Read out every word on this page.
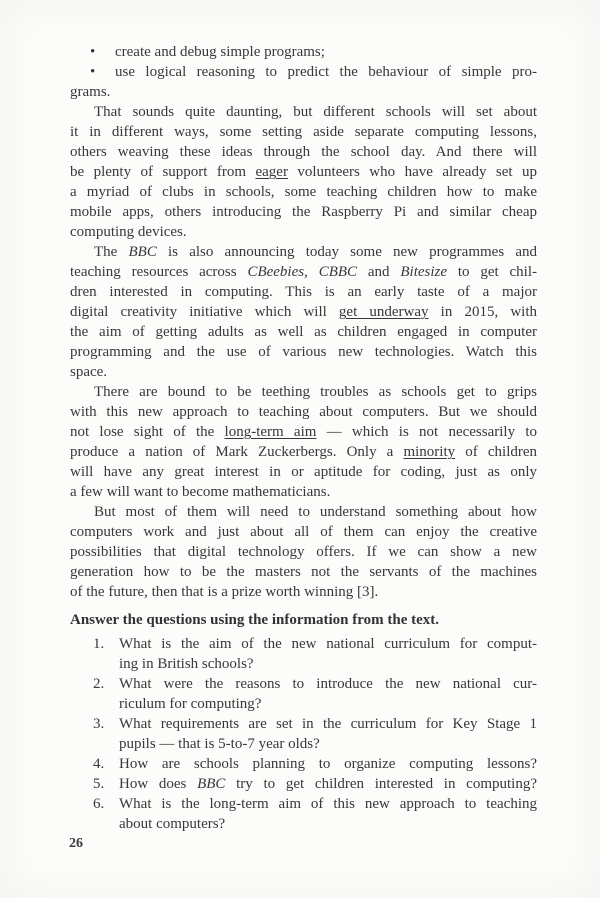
• create and debug simple programs;
• use logical reasoning to predict the behaviour of simple pro-
grams.
That sounds quite daunting, but different schools will set about
it in different ways, some setting aside separate computing lessons,
others weaving these ideas through the school day. And there will
be plenty of support from eager volunteers who have already set up
a myriad of clubs in schools, some teaching children how to make
mobile apps, others introducing the Raspberry Pi and similar cheap
computing devices.
The BBC is also announcing today some new programmes and
teaching resources across CBeebies, CBBC and Bitesize to get chil-
dren interested in computing. This is an early taste of a major
digital creativity initiative which will get underway in 2015, with
the aim of getting adults as well as children engaged in computer
programming and the use of various new technologies. Watch this
space.
There are bound to be teething troubles as schools get to grips
with this new approach to teaching about computers. But we should
not lose sight of the long-term aim — which is not necessarily to
produce a nation of Mark Zuckerbergs. Only a minority of children
will have any great interest in or aptitude for coding, just as only
a few will want to become mathematicians.
But most of them will need to understand something about how
computers work and just about all of them can enjoy the creative
possibilities that digital technology offers. If we can show a new
generation how to be the masters not the servants of the machines
of the future, then that is a prize worth winning [3].
Answer the questions using the information from the text.
1. What is the aim of the new national curriculum for comput-
ing in British schools?
2. What were the reasons to introduce the new national cur-
riculum for computing?
3. What requirements are set in the curriculum for Key Stage 1
pupils — that is 5-to-7 year olds?
4. How are schools planning to organize computing lessons?
5. How does BBC try to get children interested in computing?
6. What is the long-term aim of this new approach to teaching
about computers?
26
